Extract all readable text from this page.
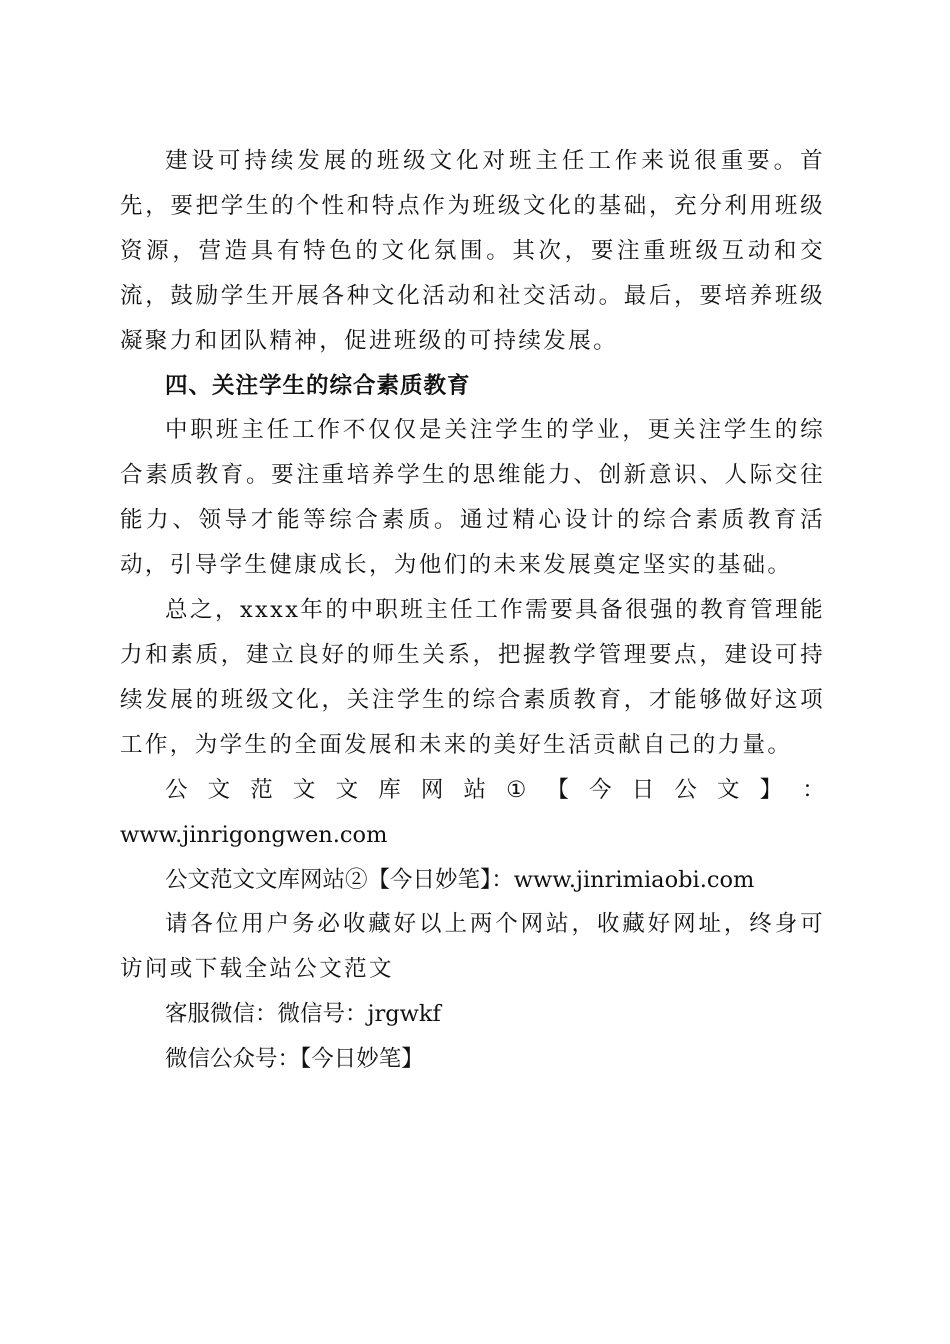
建设可持续发展的班级文化对班主任工作来说很重要。首先，要把学生的个性和特点作为班级文化的基础，充分利用班级资源，营造具有特色的文化氛围。其次，要注重班级互动和交流，鼓励学生开展各种文化活动和社交活动。最后，要培养班级凝聚力和团队精神，促进班级的可持续发展。

四、关注学生的综合素质教育

中职班主任工作不仅仅是关注学生的学业，更关注学生的综合素质教育。要注重培养学生的思维能力、创新意识、人际交往能力、领导才能等综合素质。通过精心设计的综合素质教育活动，引导学生健康成长，为他们的未来发展奠定坚实的基础。

总之，xxxx年的中职班主任工作需要具备很强的教育管理能力和素质，建立良好的师生关系，把握教学管理要点，建设可持续发展的班级文化，关注学生的综合素质教育，才能够做好这项工作，为学生的全面发展和未来的美好生活贡献自己的力量。

公 文 范 文 文 库 网 站 ① 【 今 日 公 文 】 ：

www.jinrigongwen.com

公文范文文库网站②【今日妙笔】：www.jinrimiaobi.com

请各位用户务必收藏好以上两个网站，收藏好网址，终身可访问或下载全站公文范文

客服微信：微信号：jrgwkf

微信公众号：【今日妙笔】
